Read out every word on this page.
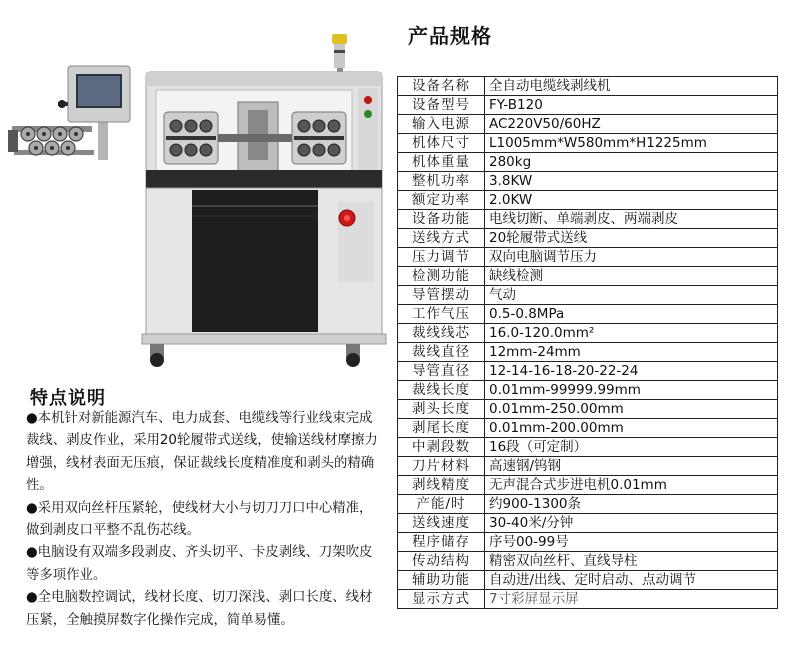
产品规格
设备名称	全自动电缆线剥线机
设备型号	FY-B120
输入电源	AC220V50/60HZ
机体尺寸	L1005mm*W580mm*H1225mm
机体重量	280kg
整机功率	3.8KW
额定功率	2.0KW
设备功能	电线切断、单端剥皮、两端剥皮
送线方式	20轮履带式送线
压力调节	双向电脑调节压力
检测功能	缺线检测
导管摆动	气动
工作气压	0.5-0.8MPa
裁线线芯	16.0-120.0mm²
裁线直径	12mm-24mm
导管直径	12-14-16-18-20-22-24
裁线长度	0.01mm-99999.99mm
剥头长度	0.01mm-250.00mm
剥尾长度	0.01mm-200.00mm
中剥段数	16段（可定制）
刀片材料	高速钢/钨钢
剥线精度	无声混合式步进电机0.01mm
产能/时	约900-1300条
送线速度	30-40米/分钟
程序储存	序号00-99号
传动结构	精密双向丝杆、直线导柱
辅助功能	自动进/出线、定时启动、点动调节
显示方式	7寸彩屏显示屏
特点说明

●本机针对新能源汽车、电力成套、电缆线等行业线束完成裁线、剥皮作业，采用20轮履带式送线，使输送线材摩擦力增强，线材表面无压痕，保证裁线长度精准度和剥头的精确性。

●采用双向丝杆压紧轮，使线材大小与切刀刀口中心精准，做到剥皮口平整不乱伤芯线。

●电脑设有双端多段剥皮、齐头切平、卡皮剥线、刀架吹皮等多项作业。

●全电脑数控调试，线材长度、切刀深浅、剥口长度、线材压紧，全触摸屏数字化操作完成，简单易懂。
